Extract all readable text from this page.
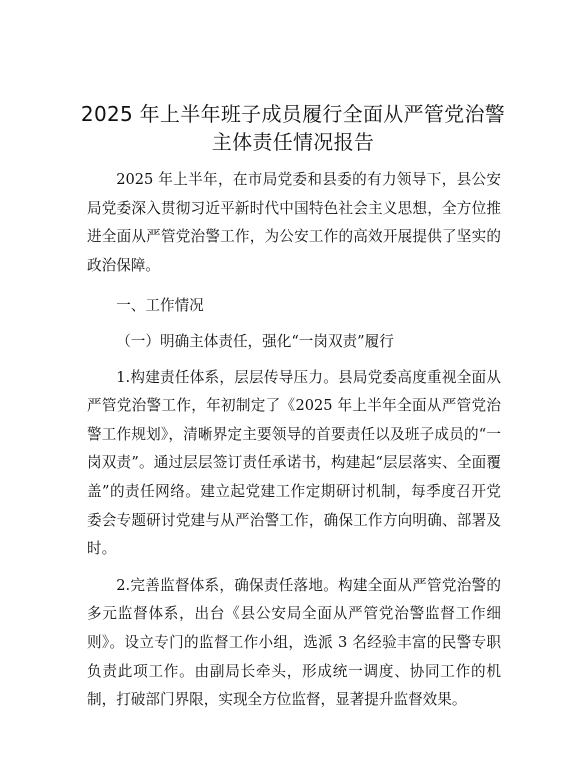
2025 年上半年班子成员履行全面从严管党治警
主体责任情况报告

2025 年上半年，在市局党委和县委的有力领导下，县公安局党委深入贯彻习近平新时代中国特色社会主义思想，全方位推进全面从严管党治警工作，为公安工作的高效开展提供了坚实的政治保障。

一、工作情况

（一）明确主体责任，强化“一岗双责”履行

1.构建责任体系，层层传导压力。县局党委高度重视全面从严管党治警工作，年初制定了《2025 年上半年全面从严管党治警工作规划》，清晰界定主要领导的首要责任以及班子成员的“一岗双责”。通过层层签订责任承诺书，构建起“层层落实、全面覆盖”的责任网络。建立起党建工作定期研讨机制，每季度召开党委会专题研讨党建与从严治警工作，确保工作方向明确、部署及时。

2.完善监督体系，确保责任落地。构建全面从严管党治警的多元监督体系，出台《县公安局全面从严管党治警监督工作细则》。设立专门的监督工作小组，选派 3 名经验丰富的民警专职负责此项工作。由副局长牵头，形成统一调度、协同工作的机制，打破部门界限，实现全方位监督，显著提升监督效果。
